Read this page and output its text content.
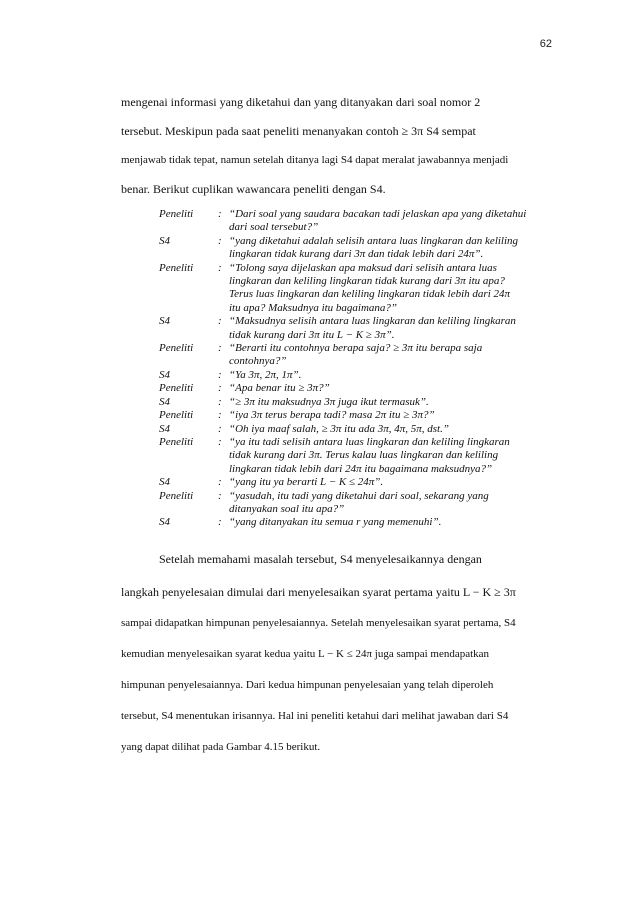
62
mengenai informasi yang diketahui dan yang ditanyakan dari soal nomor 2
tersebut. Meskipun pada saat peneliti menanyakan contoh ≥ 3π S4 sempat
menjawab tidak tepat, namun setelah ditanya lagi S4 dapat meralat jawabannya menjadi
benar. Berikut cuplikan wawancara peneliti dengan S4.
Peneliti	: “Dari soal yang saudara bacakan tadi jelaskan apa yang diketahui
dari soal tersebut?”
S4	: “yang diketahui adalah selisih antara luas lingkaran dan keliling
lingkaran tidak kurang dari 3π dan tidak lebih dari 24π”.
Peneliti	: “Tolong saya dijelaskan apa maksud dari selisih antara luas
lingkaran dan keliling lingkaran tidak kurang dari 3π itu apa?
Terus luas lingkaran dan keliling lingkaran tidak lebih dari 24π
itu apa? Maksudnya itu bagaimana?”
S4	: “Maksudnya selisih antara luas lingkaran dan keliling lingkaran
tidak kurang dari 3π itu L − K ≥ 3π”.
Peneliti	: “Berarti itu contohnya berapa saja? ≥ 3π itu berapa saja
contohnya?”
S4	: “Ya 3π, 2π, 1π”.
Peneliti	: “Apa benar itu ≥ 3π?”
S4	: “≥ 3π itu maksudnya 3π juga ikut termasuk”.
Peneliti	: “iya 3π terus berapa tadi? masa 2π itu ≥ 3π?”
S4	: “Oh iya maaf salah, ≥ 3π itu ada 3π, 4π, 5π, dst.”
Peneliti	: “ya itu tadi selisih antara luas lingkaran dan keliling lingkaran
tidak kurang dari 3π. Terus kalau luas lingkaran dan keliling
lingkaran tidak lebih dari 24π itu bagaimana maksudnya?”
S4	: “yang itu ya berarti L − K ≤ 24π”.
Peneliti	: “yasudah, itu tadi yang diketahui dari soal, sekarang yang
ditanyakan soal itu apa?”
S4	: “yang ditanyakan itu semua r yang memenuhi”.
Setelah memahami masalah tersebut, S4 menyelesaikannya dengan
langkah penyelesaian dimulai dari menyelesaikan syarat pertama yaitu L − K ≥ 3π
sampai didapatkan himpunan penyelesaiannya. Setelah menyelesaikan syarat pertama, S4
kemudian menyelesaikan syarat kedua yaitu L − K ≤ 24π juga sampai mendapatkan
himpunan penyelesaiannya. Dari kedua himpunan penyelesaian yang telah diperoleh
tersebut, S4 menentukan irisannya. Hal ini peneliti ketahui dari melihat jawaban dari S4
yang dapat dilihat pada Gambar 4.15 berikut.
